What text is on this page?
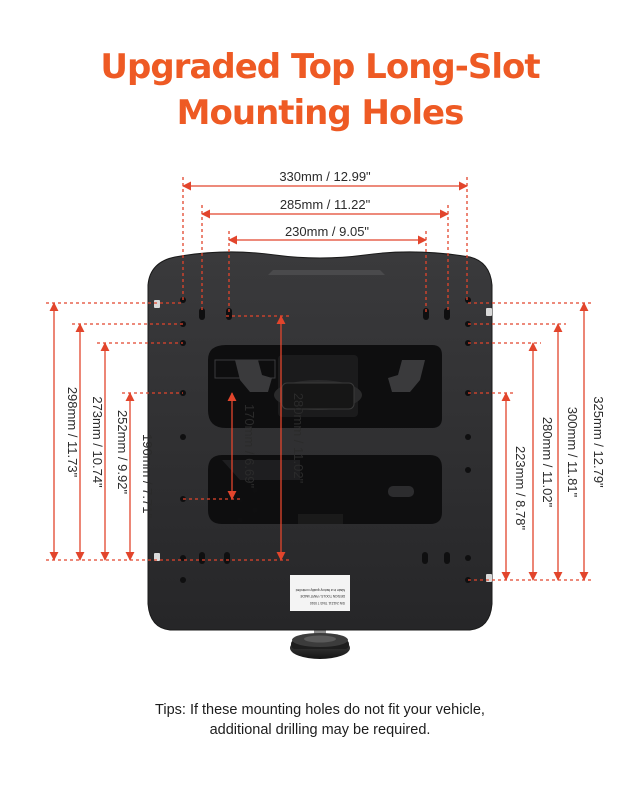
Upgraded Top Long-Slot
Mounting Holes
S/N 241211 7543 7 0010
DESIGN TOOLS / PART MADE
Made in a factory quality controlled
330mm / 12.99"
285mm / 11.22"
230mm / 9.05"
298mm / 11.73" 273mm / 10.74" 252mm / 9.92" 196mm / 7.71"	170mm / 6.69"	280mm / 11.02"	325mm / 12.79"
300mm / 11.81"
280mm / 11.02"
223mm / 8.78"
Tips: If these mounting holes do not fit your vehicle,
additional drilling may be required.
